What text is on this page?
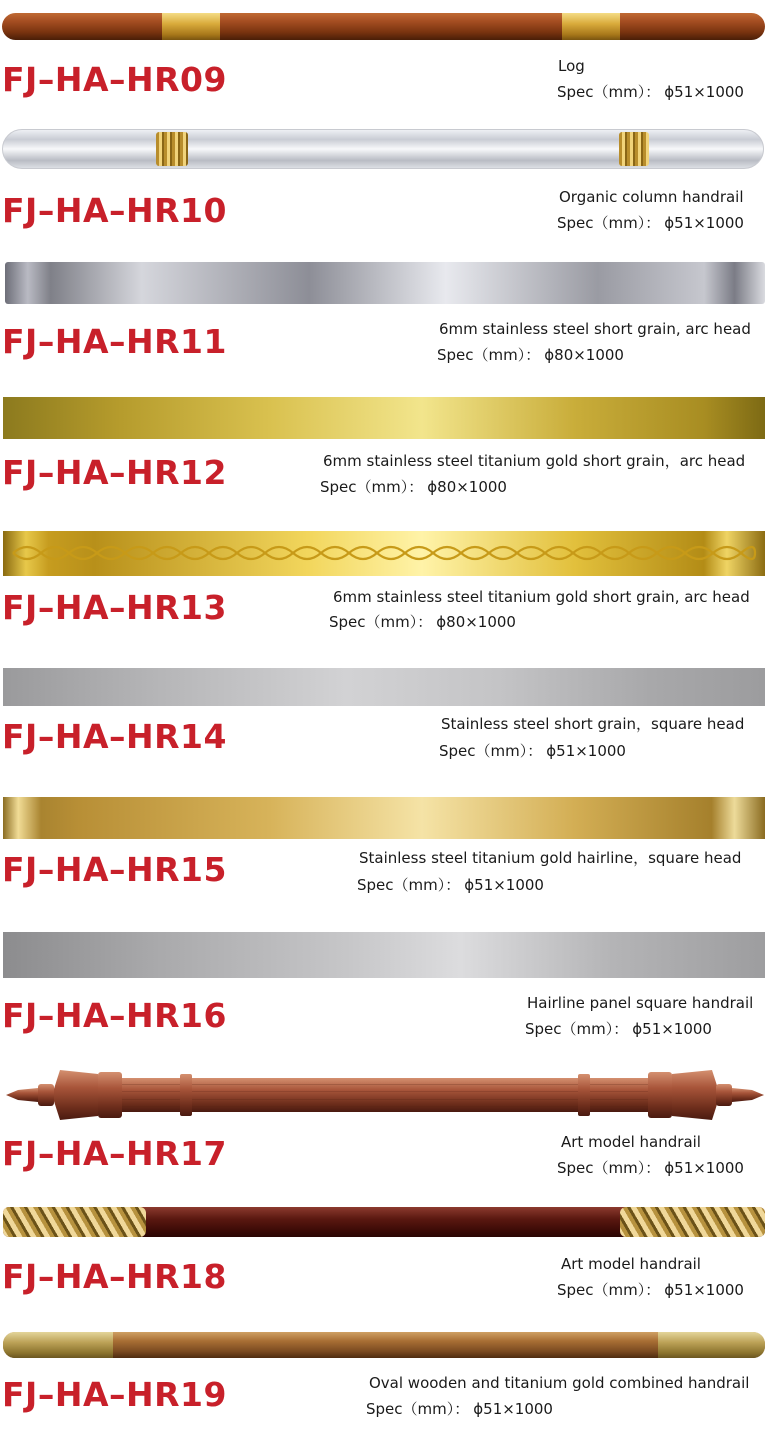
FJ–HA–HR09	Log
Spec（mm）： ϕ51×1000
FJ–HA–HR10	Organic column handrail
Spec（mm）： ϕ51×1000
FJ–HA–HR11	6mm stainless steel short grain, arc head
Spec（mm）： ϕ80×1000
FJ–HA–HR12	6mm stainless steel titanium gold short grain，arc head
Spec（mm）： ϕ80×1000
FJ–HA–HR13	6mm stainless steel titanium gold short grain, arc head
Spec（mm）： ϕ80×1000
FJ–HA–HR14	Stainless steel short grain，square head
Spec（mm）： ϕ51×1000
FJ–HA–HR15	Stainless steel titanium gold hairline，square head
Spec（mm）： ϕ51×1000
FJ–HA–HR16	Hairline panel square handrail
Spec（mm）： ϕ51×1000
FJ–HA–HR17	Art model handrail
Spec（mm）： ϕ51×1000
FJ–HA–HR18	Art model handrail
Spec（mm）： ϕ51×1000
FJ–HA–HR19	Oval wooden and titanium gold combined handrail
Spec（mm）： ϕ51×1000
